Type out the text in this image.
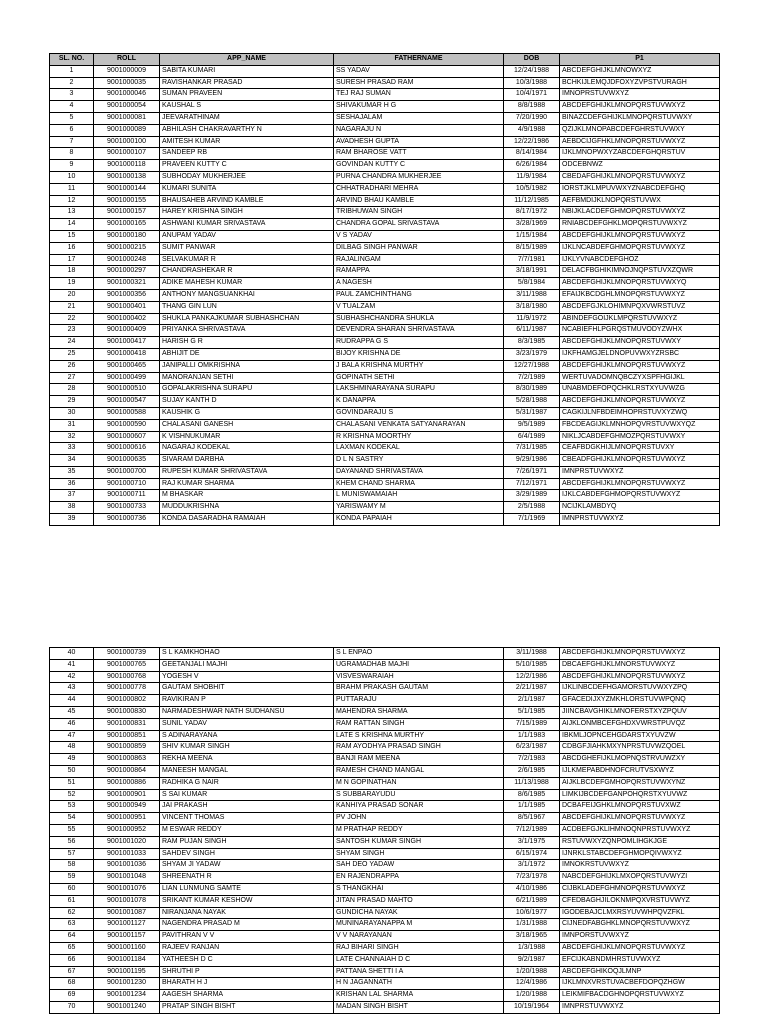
SL. NO.	ROLL	APP_NAME	FATHERNAME	DOB	P1
1	9001000009	SABITA KUMARI	SS YADAV	12/24/1988	ABCDEFGHIJKLMNOWXYZ
2	9001000035	RAVISHANKAR PRASAD	SURESH PRASAD RAM	10/3/1988	BCHKIJLEMQJDFOXYZVPSTVURAGH
3	9001000046	SUMAN PRAVEEN	TEJ RAJ SUMAN	10/4/1971	IMNOPRSTUVWXYZ
4	9001000054	KAUSHAL S	SHIVAKUMAR H G	8/8/1988	ABCDEFGHIJKLMNOPQRSTUVWXYZ
5	9001000081	JEEVARATHINAM	SESHAJALAM	7/20/1990	BINAZCDEFGHIJKLMNOPQRSTUVWXY
6	9001000089	ABHILASH CHAKRAVARTHY N	NAGARAJU N	4/9/1988	QZIJKLMNOPABCDEFGHRSTUVWXY
7	9001000100	AMITESH KUMAR	AVADHESH GUPTA	12/22/1986	AEBDCIJGFHKLMNOPQRSTUVWXYZ
8	9001000107	SANDEEP RB	RAM BHAROSE VATT	8/14/1984	IJKLMNOPWXYZABCDEFGHQRSTUV
9	9001000118	PRAVEEN KUTTY C	GOVINDAN KUTTY C	6/26/1984	ODCEBNWZ
10	9001000138	SUBHODAY MUKHERJEE	PURNA CHANDRA MUKHERJEE	11/9/1984	CBEDAFGHIJKLMNOPQRSTUVWXYZ
11	9001000144	KUMARI SUNITA	CHHATRADHARI MEHRA	10/5/1982	IORSTJKLMPUVWXYZNABCDEFGHQ
12	9001000155	BHAUSAHEB ARVIND KAMBLE	ARVIND BHAU KAMBLE	11/12/1985	AEFBMDIJKLNOPQRSTUVWX
13	9001000157	HAREY KRISHNA SINGH	TRIBHUWAN SINGH	8/17/1972	NBIJKLACDEFGHMOPQRSTUVWXYZ
14	9001000165	ASHWANI KUMAR SRIVASTAVA	CHANDRA GOPAL SRIVASTAVA	3/28/1969	RNIABCDEFGHKLMOPQRSTUVWXYZ
15	9001000180	ANUPAM YADAV	V S YADAV	1/15/1984	ABCDEFGHIJKLMNOPQRSTUVWXYZ
16	9001000215	SUMIT PANWAR	DILBAG SINGH PANWAR	8/15/1989	IJKLNCABDEFGHMOPQRSTUVWXYZ
17	9001000248	SELVAKUMAR R	RAJALINGAM	7/7/1981	IJKLYVNABCDEFGHOZ
18	9001000297	CHANDRASHEKAR R	RAMAPPA	3/18/1991	DELACFBGHIKIMNOJNQPSTUVXZQWR
19	9001000321	ADIKE MAHESH KUMAR	A NAGESH	5/8/1984	ABCDEFGHIJKLMNOPQRSTUVWXYQ
20	9001000356	ANTHONY MANGSUANKHAI	PAUL ZAMCHINTHANG	3/11/1988	EFAIJKBCDGHLMNOPQRSTUVWXYZ
21	9001000401	THANG GIN LUN	V TUALZAM	3/18/1980	ABCDEFGJKLOHIMNPQXVWRSTUVZ
22	9001000402	SHUKLA PANKAJKUMAR SUBHASHCHAN	SUBHASHCHANDRA SHUKLA	11/9/1972	ABINDEFGOIJKLMPQRSTUVWXYZ
23	9001000409	PRIYANKA SHRIVASTAVA	DEVENDRA SHARAN SHRIVASTAVA	6/11/1987	NCABIEFHLPGRQSTMUVODYZWHX
24	9001000417	HARISH G R	RUDRAPPA G S	8/3/1985	ABCDEFGHIJKLMNOPQRSTUVWXY
25	9001000418	ABHIJIT DE	BIJOY KRISHNA DE	3/23/1979	IJKFHAMGJELDNOPUVWXYZRSBC
26	9001000465	JANIPALLI OMKRISHNA	J BALA KRISHNA MURTHY	12/27/1988	ABCDEFGHIJKLMNOPQRSTUVWXYZ
27	9001000499	MANORANJAN SETHI	GOPINATH SETHI	7/2/1989	WERTUVADOMNQBCZYXSPFHGIJKL
28	9001000510	GOPALAKRISHNA SURAPU	LAKSHMINARAYANA SURAPU	8/30/1989	UNABMDEFOPQCHKLRSTXYUVWZG
29	9001000547	SUJAY KANTH D	K DANAPPA	5/28/1988	ABCDEFGHIJKLMNOPQRSTUVWXYZ
30	9001000588	KAUSHIK G	GOVINDARAJU S	5/31/1987	CAGKIJLNFBDEIMHOPRSTUVXYZWQ
31	9001000590	CHALASANI GANESH	CHALASANI VENKATA SATYANARAYAN	9/5/1989	FBCDEAGIJKLMNHOPQVRSTUVWXYQZ
32	9001000607	K VISHNUKUMAR	R KRISHNA MOORTHY	6/4/1989	NIKLJCABDEFGHMOZPQRSTUVWXY
33	9001000616	NAGARAJ KODEKAL	LAXMAN KODEKAL	7/31/1985	CEAFBDGKHIJLMNOPQRSTUVXY
34	9001000635	SIVARAM DARBHA	D L N SASTRY	9/29/1986	CBEADFGHIJKLMNOPQRSTUVWXYZ
35	9001000700	RUPESH KUMAR SHRIVASTAVA	DAYANAND SHRIVASTAVA	7/26/1971	IMNPRSTUVWXYZ
36	9001000710	RAJ KUMAR SHARMA	KHEM CHAND SHARMA	7/12/1971	ABCDEFGHIJKLMNOPQRSTUVWXYZ
37	9001000711	M BHASKAR	L MUNISWAMAIAH	3/29/1989	IJKLCABDEFGHMOPQRSTUVWXYZ
38	9001000733	MUDDUKRISHNA	YARISWAMY M	2/5/1988	NCIJKLAMBDYQ
39	9001000736	KONDA DASARADHA RAMAIAH	KONDA PAPAIAH	7/1/1969	IMNPRSTUVWXYZ
40	9001000739	S L KAMKHOHAO	S L ENPAO	3/11/1988	ABCDEFGHIJKLMNOPQRSTUVWXYZ
41	9001000765	GEETANJALI MAJHI	UGRAMADHAB MAJHI	5/10/1985	DBCAEFGHIJKLMNORSTUVWXYZ
42	9001000768	YOGESH V	VISVESWARAIAH	12/2/1986	ABCDEFGHIJKLMNOPQRSTUVWXYZ
43	9001000778	GAUTAM SHOBHIT	BRAHM PRAKASH GAUTAM	2/21/1987	IJKLINBCDEFHGAMORSTUVWXYZPQ
44	9001000802	RAVIKIRAN P	PUTTARAJU	2/1/1987	GFACEDIJXYZMKHLORSTUVWPQNQ
45	9001000830	NARMADESHWAR NATH SUDHANSU	MAHENDRA SHARMA	5/1/1985	JIINCBAVGHIKLMNOFERSTXYZPQUV
46	9001000831	SUNIL YADAV	RAM RATTAN SINGH	7/15/1989	AIJKLONMBCEFGHDXVWRSTPUVQZ
47	9001000851	S ADINARAYANA	LATE S KRISHNA MURTHY	1/1/1983	IBKMLJOPNCEHGDARSTXYUVZW
48	9001000859	SHIV KUMAR SINGH	RAM AYODHYA PRASAD SINGH	6/23/1987	CDBGFJIAHKMXYNPRSTUVWZQOEL
49	9001000863	REKHA MEENA	BANJI RAM MEENA	7/2/1983	ABCDGHEFIJKLMOPNQSTRVUWZXY
50	9001000864	MANEESH MANGAL	RAMESH CHAND MANGAL	2/6/1985	IJLKMEPABDHNOFCRUTVSXWYZ
51	9001000886	RADHIKA G NAIR	M N GOPINATHAN	11/13/1988	AIJKLBCDEFGMHOPQRSTUVWXYNZ
52	9001000901	S SAI KUMAR	S SUBBARAYUDU	8/6/1985	LIMKIJBCDEFGANPOHQRSTXYUVWZ
53	9001000949	JAI PRAKASH	KANHIYA PRASAD SONAR	1/1/1985	DCBAFEIJGHKLMNOPQRSTUVXWZ
54	9001000951	VINCENT THOMAS	PV JOHN	8/5/1967	ABCDEFGHIJKLMNOPQRSTUVWXYZ
55	9001000952	M ESWAR REDDY	M PRATHAP REDDY	7/12/1989	ACDBEFGJKLIHMNOQNPRSTUVWXYZ
56	9001001020	RAM PUJAN SINGH	SANTOSH KUMAR SINGH	3/1/1975	RSTUVWXYZQNPOMLIHGKJGE
57	9001001033	SAHDEV SINGH	SHYAM SINGH	6/15/1974	IJNRKLSTABCDEFGHMOPQIVWXYZ
58	9001001036	SHYAM JI YADAW	SAH DEO YADAW	3/1/1972	IMNOKRSTUVWXYZ
59	9001001048	SHREENATH R	EN RAJENDRAPPA	7/23/1978	NABCDEFGHIJKLMXOPQRSTUVWYZI
60	9001001076	LIAN LUNMUNG SAMTE	S THANGKHAI	4/10/1986	CIJBKLADEFGHMNOPQRSTUVWXYZ
61	9001001078	SRIKANT KUMAR KESHOW	JITAN PRASAD MAHTO	6/21/1989	CFEDBAGHJILOKNMPQXVRSTUVWYZ
62	9001001087	NIRANJANA NAYAK	GUNDICHA NAYAK	10/6/1977	IGODEBAJCLMXRSYUVWHPQVZFKL
63	9001001127	NAGENDRA PRASAD M	MUNINARAYANAPPA M	1/31/1988	CIJNEDFABGHKLMNOPQRSTUVWXYZ
64	9001001157	PAVITHRAN V V	V V NARAYANAN	3/18/1965	IMNPORSTUVWXYZ
65	9001001160	RAJEEV RANJAN	RAJ BIHARI SINGH	1/3/1988	ABCDEFGHIJKLMNOPQRSTUVWXYZ
66	9001001184	YATHEESH D C	LATE CHANNAIAH D C	9/2/1987	EFCIJKABNDMHRSTUVWXYZ
67	9001001195	SHRUTHI P	PATTANA SHETTI I A	1/20/1988	ABCDEFGHIKOQJLMNP
68	9001001230	BHARATH H J	H N JAGANNATH	12/4/1986	IJKLMNXVRSTUVACBEFDOPQZHGW
69	9001001234	AAGESH SHARMA	KRISHAN LAL SHARMA	1/20/1988	LEIKMIFBACDGHNOPQRSTUVWXYZ
70	9001001240	PRATAP SINGH BISHT	MADAN SINGH BISHT	10/19/1964	IMNPRSTUVWXYZ
